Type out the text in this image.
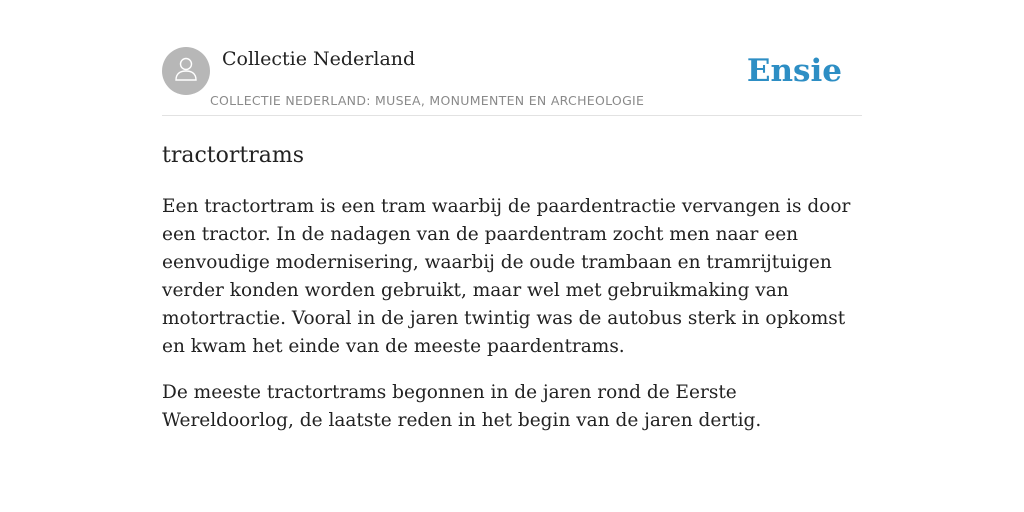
Collectie Nederland
COLLECTIE NEDERLAND: MUSEA, MONUMENTEN EN ARCHEOLOGIE
Ensie
tractortrams

Een tractortram is een tram waarbij de paardentractie vervangen is door een tractor. In de nadagen van de paardentram zocht men naar een eenvoudige modernisering, waarbij de oude trambaan en tramrijtuigen verder konden worden gebruikt, maar wel met gebruikmaking van motortractie. Vooral in de jaren twintig was de autobus sterk in opkomst en kwam het einde van de meeste paardentrams.

De meeste tractortrams begonnen in de jaren rond de Eerste Wereldoorlog, de laatste reden in het begin van de jaren dertig.
